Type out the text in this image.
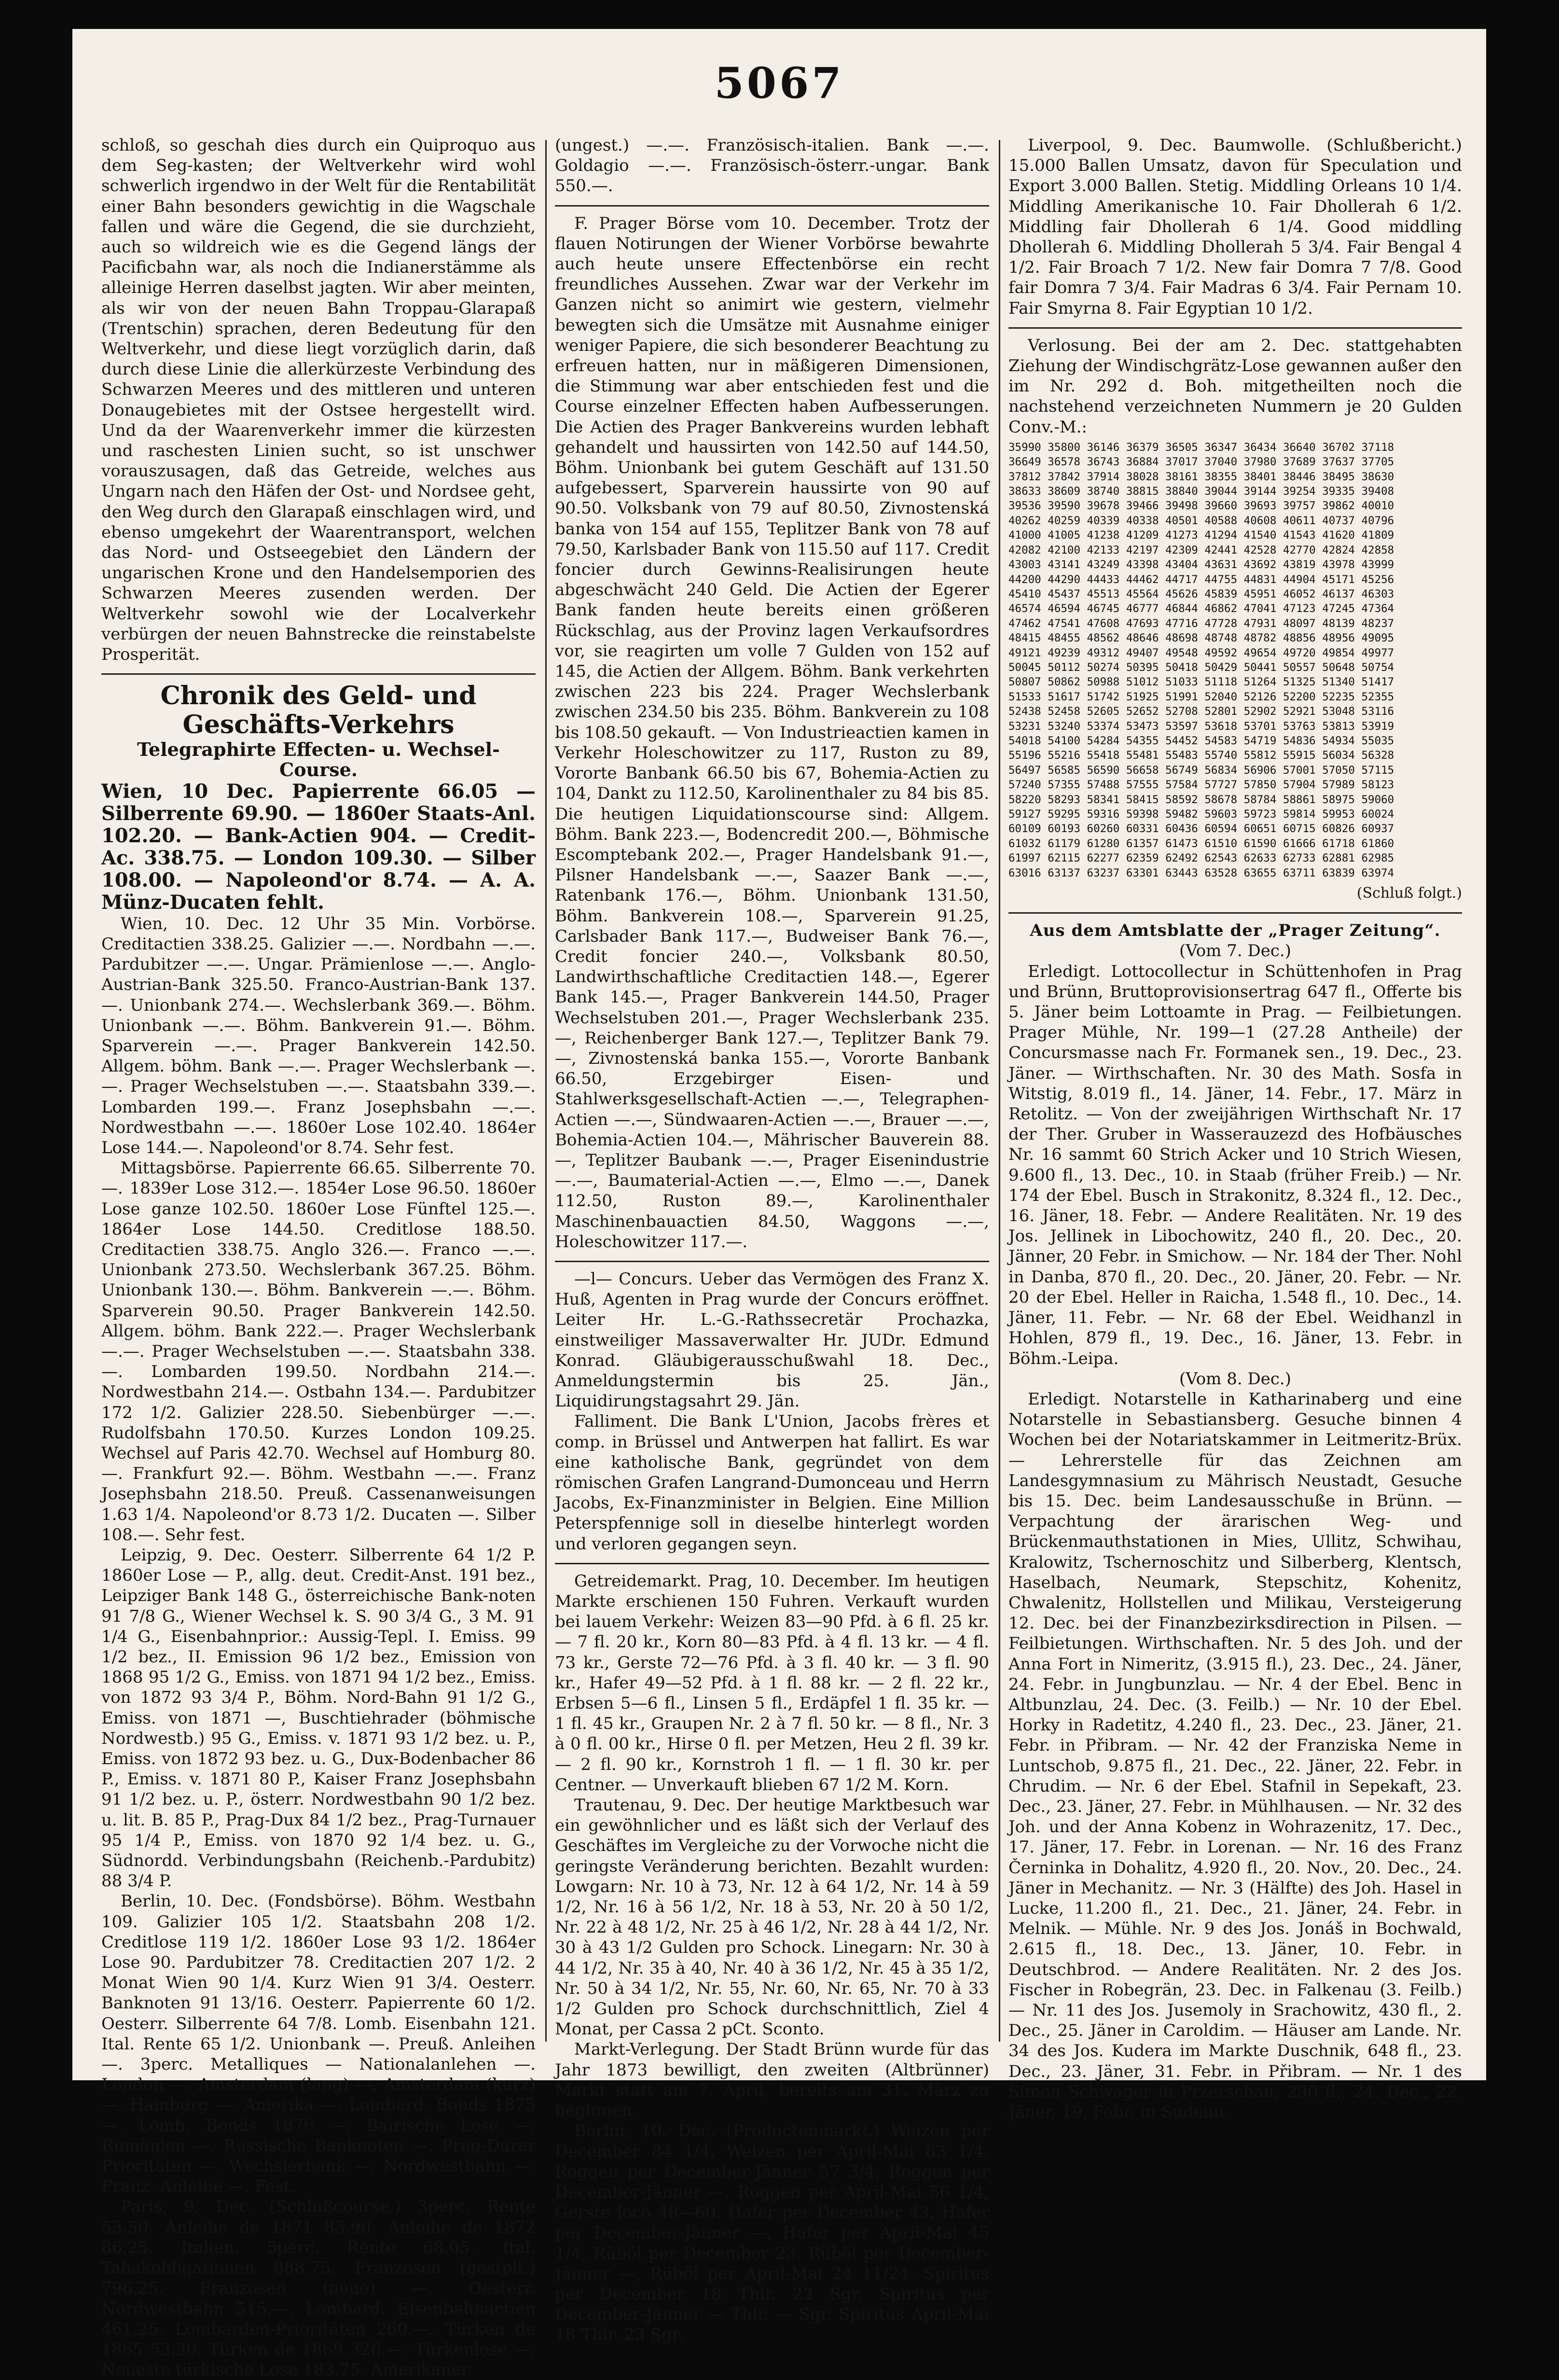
5067

schloß, so geschah dies durch ein Quiproquo aus dem Seg-kasten; der Weltverkehr wird wohl schwerlich irgendwo in der Welt für die Rentabilität einer Bahn besonders gewichtig in die Wagschale fallen und wäre die Gegend, die sie durchzieht, auch so wildreich wie es die Gegend längs der Pacificbahn war, als noch die Indianerstämme als alleinige Herren daselbst jagten. Wir aber meinten, als wir von der neuen Bahn Troppau-Glarapaß (Trentschin) sprachen, deren Bedeutung für den Weltverkehr, und diese liegt vorzüglich darin, daß durch diese Linie die allerkürzeste Verbindung des Schwarzen Meeres und des mittleren und unteren Donaugebietes mit der Ostsee hergestellt wird. Und da der Waarenverkehr immer die kürzesten und raschesten Linien sucht, so ist unschwer vorauszusagen, daß das Getreide, welches aus Ungarn nach den Häfen der Ost- und Nordsee geht, den Weg durch den Glarapaß einschlagen wird, und ebenso umgekehrt der Waarentransport, welchen das Nord- und Ostseegebiet den Ländern der ungarischen Krone und den Handelsemporien des Schwarzen Meeres zusenden werden. Der Weltverkehr sowohl wie der Localverkehr verbürgen der neuen Bahnstrecke die reinstabelste Prosperität.

Chronik des Geld- und Geschäfts-Verkehrs

Telegraphirte Effecten- u. Wechsel-Course.

Wien, 10 Dec. Papierrente 66.05 — Silberrente 69.90. — 1860er Staats-Anl. 102.20. — Bank-Actien 904. — Credit-Ac. 338.75. — London 109.30. — Silber 108.00. — Napoleond'or 8.74. — A. A. Münz-Ducaten fehlt.

Wien, 10. Dec. 12 Uhr 35 Min. Vorbörse. Creditactien 338.25. Galizier —.—. Nordbahn —.—. Pardubitzer —.—. Ungar. Prämienlose —.—. Anglo-Austrian-Bank 325.50. Franco-Austrian-Bank 137.—. Unionbank 274.—. Wechslerbank 369.—. Böhm. Unionbank —.—. Böhm. Bankverein 91.—. Böhm. Sparverein —.—. Prager Bankverein 142.50. Allgem. böhm. Bank —.—. Prager Wechslerbank —.—. Prager Wechselstuben —.—. Staatsbahn 339.—. Lombarden 199.—. Franz Josephsbahn —.—. Nordwestbahn —.—. 1860er Lose 102.40. 1864er Lose 144.—. Napoleond'or 8.74. Sehr fest.

Mittagsbörse. Papierrente 66.65. Silberrente 70.—. 1839er Lose 312.—. 1854er Lose 96.50. 1860er Lose ganze 102.50. 1860er Lose Fünftel 125.—. 1864er Lose 144.50. Creditlose 188.50. Creditactien 338.75. Anglo 326.—. Franco —.—. Unionbank 273.50. Wechslerbank 367.25. Böhm. Unionbank 130.—. Böhm. Bankverein —.—. Böhm. Sparverein 90.50. Prager Bankverein 142.50. Allgem. böhm. Bank 222.—. Prager Wechslerbank —.—. Prager Wechselstuben —.—. Staatsbahn 338.—. Lombarden 199.50. Nordbahn 214.—. Nordwestbahn 214.—. Ostbahn 134.—. Pardubitzer 172 1/2. Galizier 228.50. Siebenbürger —.—. Rudolfsbahn 170.50. Kurzes London 109.25. Wechsel auf Paris 42.70. Wechsel auf Homburg 80.—. Frankfurt 92.—. Böhm. Westbahn —.—. Franz Josephsbahn 218.50. Preuß. Cassenanweisungen 1.63 1/4. Napoleond'or 8.73 1/2. Ducaten —. Silber 108.—. Sehr fest.

Leipzig, 9. Dec. Oesterr. Silberrente 64 1/2 P. 1860er Lose — P., allg. deut. Credit-Anst. 191 bez., Leipziger Bank 148 G., österreichische Bank-noten 91 7/8 G., Wiener Wechsel k. S. 90 3/4 G., 3 M. 91 1/4 G., Eisenbahnprior.: Aussig-Tepl. I. Emiss. 99 1/2 bez., II. Emission 96 1/2 bez., Emission von 1868 95 1/2 G., Emiss. von 1871 94 1/2 bez., Emiss. von 1872 93 3/4 P., Böhm. Nord-Bahn 91 1/2 G., Emiss. von 1871 —, Buschtiehrader (böhmische Nordwestb.) 95 G., Emiss. v. 1871 93 1/2 bez. u. P., Emiss. von 1872 93 bez. u. G., Dux-Bodenbacher 86 P., Emiss. v. 1871 80 P., Kaiser Franz Josephsbahn 91 1/2 bez. u. P., österr. Nordwestbahn 90 1/2 bez. u. lit. B. 85 P., Prag-Dux 84 1/2 bez., Prag-Turnauer 95 1/4 P., Emiss. von 1870 92 1/4 bez. u. G., Südnordd. Verbindungsbahn (Reichenb.-Pardubitz) 88 3/4 P.

Berlin, 10. Dec. (Fondsbörse). Böhm. Westbahn 109. Galizier 105 1/2. Staatsbahn 208 1/2. Creditlose 119 1/2. 1860er Lose 93 1/2. 1864er Lose 90. Pardubitzer 78. Creditactien 207 1/2. 2 Monat Wien 90 1/4. Kurz Wien 91 3/4. Oesterr. Banknoten 91 13/16. Oesterr. Papierrente 60 1/2. Oesterr. Silberrente 64 7/8. Lomb. Eisenbahn 121. Ital. Rente 65 1/2. Unionbank —. Preuß. Anleihen —. 3perc. Metalliques — Nationalanlehen —. London —. Amsterdam (lang) —. Amsterdam (kurz) —. Hamburg —. Amerika —. Lombard. Bonds 1875 —. Lomb. Bonds 1876 —. Bairische Lose —. Rumänien —. Russische Banknoten —. Prag-Durer Prioritäten —. Wechslerbank —. Nordwestbahn —. Franz. Anleihe —. Fest.

Paris, 9. Dec. (Schlußcourse.) 3perc. Rente 53.50. Anleihe de 1871 83.90. Anleihe de 1872 86.25. Italien. 5perc. Rente 68.05. Ital. Tabakobligationen 888.75. Franzosen (gestplt.) 796.25. Franzosen (neue) —. Oesterr. Nordwestbahn 515.—. Lombard. Eisenbahnactien 461.25. Lombarden-Prioritäten 260.—. Türken de 1865 53.30. Türken de 1869 326.—. Türkenlose —. Neueste türkische Lose 183.75. Amerikaner

(ungest.) —.—. Französisch-italien. Bank —.—. Goldagio —.—. Französisch-österr.-ungar. Bank 550.—.

F. Prager Börse vom 10. December. Trotz der flauen Notirungen der Wiener Vorbörse bewahrte auch heute unsere Effectenbörse ein recht freundliches Aussehen. Zwar war der Verkehr im Ganzen nicht so animirt wie gestern, vielmehr bewegten sich die Umsätze mit Ausnahme einiger weniger Papiere, die sich besonderer Beachtung zu erfreuen hatten, nur in mäßigeren Dimensionen, die Stimmung war aber entschieden fest und die Course einzelner Effecten haben Aufbesserungen. Die Actien des Prager Bankvereins wurden lebhaft gehandelt und haussirten von 142.50 auf 144.50, Böhm. Unionbank bei gutem Geschäft auf 131.50 aufgebessert, Sparverein haussirte von 90 auf 90.50. Volksbank von 79 auf 80.50, Zivnostenská banka von 154 auf 155, Teplitzer Bank von 78 auf 79.50, Karlsbader Bank von 115.50 auf 117. Credit foncier durch Gewinns-Realisirungen heute abgeschwächt 240 Geld. Die Actien der Egerer Bank fanden heute bereits einen größeren Rückschlag, aus der Provinz lagen Verkaufsordres vor, sie reagirten um volle 7 Gulden von 152 auf 145, die Actien der Allgem. Böhm. Bank verkehrten zwischen 223 bis 224. Prager Wechslerbank zwischen 234.50 bis 235. Böhm. Bankverein zu 108 bis 108.50 gekauft. — Von Industrieactien kamen in Verkehr Holeschowitzer zu 117, Ruston zu 89, Vororte Banbank 66.50 bis 67, Bohemia-Actien zu 104, Dankt zu 112.50, Karolinenthaler zu 84 bis 85. Die heutigen Liquidationscourse sind: Allgem. Böhm. Bank 223.—, Bodencredit 200.—, Böhmische Escomptebank 202.—, Prager Handelsbank 91.—, Pilsner Handelsbank —.—, Saazer Bank —.—, Ratenbank 176.—, Böhm. Unionbank 131.50, Böhm. Bankverein 108.—, Sparverein 91.25, Carlsbader Bank 117.—, Budweiser Bank 76.—, Credit foncier 240.—, Volksbank 80.50, Landwirthschaftliche Creditactien 148.—, Egerer Bank 145.—, Prager Bankverein 144.50, Prager Wechselstuben 201.—, Prager Wechslerbank 235.—, Reichenberger Bank 127.—, Teplitzer Bank 79.—, Zivnostenská banka 155.—, Vororte Banbank 66.50, Erzgebirger Eisen- und Stahlwerksgesellschaft-Actien —.—, Telegraphen-Actien —.—, Sündwaaren-Actien —.—, Brauer —.—, Bohemia-Actien 104.—, Mährischer Bauverein 88.—, Teplitzer Baubank —.—, Prager Eisenindustrie —.—, Baumaterial-Actien —.—, Elmo —.—, Danek 112.50, Ruston 89.—, Karolinenthaler Maschinenbauactien 84.50, Waggons —.—, Holeschowitzer 117.—.

—l— Concurs. Ueber das Vermögen des Franz X. Huß, Agenten in Prag wurde der Concurs eröffnet. Leiter Hr. L.-G.-Rathssecretär Prochazka, einstweiliger Massaverwalter Hr. JUDr. Edmund Konrad. Gläubigerausschußwahl 18. Dec., Anmeldungstermin bis 25. Jän., Liquidirungstagsahrt 29. Jän.

Falliment. Die Bank L'Union, Jacobs frères et comp. in Brüssel und Antwerpen hat fallirt. Es war eine katholische Bank, gegründet von dem römischen Grafen Langrand-Dumonceau und Herrn Jacobs, Ex-Finanzminister in Belgien. Eine Million Peterspfennige soll in dieselbe hinterlegt worden und verloren gegangen seyn.

Getreidemarkt. Prag, 10. December. Im heutigen Markte erschienen 150 Fuhren. Verkauft wurden bei lauem Verkehr: Weizen 83—90 Pfd. à 6 fl. 25 kr. — 7 fl. 20 kr., Korn 80—83 Pfd. à 4 fl. 13 kr. — 4 fl. 73 kr., Gerste 72—76 Pfd. à 3 fl. 40 kr. — 3 fl. 90 kr., Hafer 49—52 Pfd. à 1 fl. 88 kr. — 2 fl. 22 kr., Erbsen 5—6 fl., Linsen 5 fl., Erdäpfel 1 fl. 35 kr. — 1 fl. 45 kr., Graupen Nr. 2 à 7 fl. 50 kr. — 8 fl., Nr. 3 à 0 fl. 00 kr., Hirse 0 fl. per Metzen, Heu 2 fl. 39 kr. — 2 fl. 90 kr., Kornstroh 1 fl. — 1 fl. 30 kr. per Centner. — Unverkauft blieben 67 1/2 M. Korn.

Trautenau, 9. Dec. Der heutige Marktbesuch war ein gewöhnlicher und es läßt sich der Verlauf des Geschäftes im Vergleiche zu der Vorwoche nicht die geringste Veränderung berichten. Bezahlt wurden: Lowgarn: Nr. 10 à 73, Nr. 12 à 64 1/2, Nr. 14 à 59 1/2, Nr. 16 à 56 1/2, Nr. 18 à 53, Nr. 20 à 50 1/2, Nr. 22 à 48 1/2, Nr. 25 à 46 1/2, Nr. 28 à 44 1/2, Nr. 30 à 43 1/2 Gulden pro Schock. Linegarn: Nr. 30 à 44 1/2, Nr. 35 à 40, Nr. 40 à 36 1/2, Nr. 45 à 35 1/2, Nr. 50 à 34 1/2, Nr. 55, Nr. 60, Nr. 65, Nr. 70 à 33 1/2 Gulden pro Schock durchschnittlich, Ziel 4 Monat, per Cassa 2 pCt. Sconto.

Markt-Verlegung. Der Stadt Brünn wurde für das Jahr 1873 bewilligt, den zweiten (Altbrünner) Markt statt am 7. April, bereits am 31. März zu beginnen.

Berlin, 10. Dec. (Productenmarkt.) Weizen per December 84 1/4, Weizen per April-Mai 83 1/4, Roggen per December-Jänner 57 3/4, Roggen per December-Jänner —, Roggen per April-Mai 56 1/4, Gerste loco 48—60. Hafer per December 43, Hafer per December-Jänner —, Hafer per April-Mai 45 1/4, Rüböl per December 23. Rüböl per December-Jänner —, Rüböl per April-Mai 24 11/24. Spiritus per December 18 Thlr. 22 Sgr. Spiritus per December-Jänner — Thlr. — Sgr. Spiritus April-Mai 18 Thlr. 23 Sgr.

Liverpool, 9. Dec. Baumwolle. (Schlußbericht.) 15.000 Ballen Umsatz, davon für Speculation und Export 3.000 Ballen. Stetig. Middling Orleans 10 1/4. Middling Amerikanische 10. Fair Dhollerah 6 1/2. Middling fair Dhollerah 6 1/4. Good middling Dhollerah 6. Middling Dhollerah 5 3/4. Fair Bengal 4 1/2. Fair Broach 7 1/2. New fair Domra 7 7/8. Good fair Domra 7 3/4. Fair Madras 6 3/4. Fair Pernam 10. Fair Smyrna 8. Fair Egyptian 10 1/2.

Verlosung. Bei der am 2. Dec. stattgehabten Ziehung der Windischgrätz-Lose gewannen außer den im Nr. 292 d. Boh. mitgetheilten noch die nachstehend verzeichneten Nummern je 20 Gulden Conv.-M.:

35990 35800 36146 36379 36505 36347 36434 36640 36702 37118
36649 36578 36743 36884 37017 37040 37980 37689 37637 37705
37812 37842 37914 38028 38161 38355 38401 38446 38495 38630
38633 38609 38740 38815 38840 39044 39144 39254 39335 39408
39536 39590 39678 39466 39498 39660 39693 39757 39862 40010
40262 40259 40339 40338 40501 40588 40608 40611 40737 40796
41000 41005 41238 41209 41273 41294 41540 41543 41620 41809
42082 42100 42133 42197 42309 42441 42528 42770 42824 42858
43003 43141 43249 43398 43404 43631 43692 43819 43978 43999
44200 44290 44433 44462 44717 44755 44831 44904 45171 45256
45410 45437 45513 45564 45626 45839 45951 46052 46137 46303
46574 46594 46745 46777 46844 46862 47041 47123 47245 47364
47462 47541 47608 47693 47716 47728 47931 48097 48139 48237
48415 48455 48562 48646 48698 48748 48782 48856 48956 49095
49121 49239 49312 49407 49548 49592 49654 49720 49854 49977
50045 50112 50274 50395 50418 50429 50441 50557 50648 50754
50807 50862 50988 51012 51033 51118 51264 51325 51340 51417
51533 51617 51742 51925 51991 52040 52126 52200 52235 52355
52438 52458 52605 52652 52708 52801 52902 52921 53048 53116
53231 53240 53374 53473 53597 53618 53701 53763 53813 53919
54018 54100 54284 54355 54452 54583 54719 54836 54934 55035
55196 55216 55418 55481 55483 55740 55812 55915 56034 56328
56497 56585 56590 56658 56749 56834 56906 57001 57050 57115
57240 57355 57488 57555 57584 57727 57850 57904 57989 58123
58220 58293 58341 58415 58592 58678 58784 58861 58975 59060
59127 59295 59316 59398 59482 59603 59723 59814 59953 60024
60109 60193 60260 60331 60436 60594 60651 60715 60826 60937
61032 61179 61280 61357 61473 61510 61590 61666 61718 61860
61997 62115 62277 62359 62492 62543 62633 62733 62881 62985
63016 63137 63237 63301 63443 63528 63655 63711 63839 63974

(Schluß folgt.)

Aus dem Amtsblatte der „Prager Zeitung“.

(Vom 7. Dec.)

Erledigt. Lottocollectur in Schüttenhofen in Prag und Brünn, Bruttoprovisionsertrag 647 fl., Offerte bis 5. Jäner beim Lottoamte in Prag. — Feilbietungen. Prager Mühle, Nr. 199—1 (27.28 Antheile) der Concursmasse nach Fr. Formanek sen., 19. Dec., 23. Jäner. — Wirthschaften. Nr. 30 des Math. Sosfa in Witstig, 8.019 fl., 14. Jäner, 14. Febr., 17. März in Retolitz. — Von der zweijährigen Wirthschaft Nr. 17 der Ther. Gruber in Wasserauzezd des Hofbäusches Nr. 16 sammt 60 Strich Acker und 10 Strich Wiesen, 9.600 fl., 13. Dec., 10. in Staab (früher Freib.) — Nr. 174 der Ebel. Busch in Strakonitz, 8.324 fl., 12. Dec., 16. Jäner, 18. Febr. — Andere Realitäten. Nr. 19 des Jos. Jellinek in Libochowitz, 240 fl., 20. Dec., 20. Jänner, 20 Febr. in Smichow. — Nr. 184 der Ther. Nohl in Danba, 870 fl., 20. Dec., 20. Jäner, 20. Febr. — Nr. 20 der Ebel. Heller in Raicha, 1.548 fl., 10. Dec., 14. Jäner, 11. Febr. — Nr. 68 der Ebel. Weidhanzl in Hohlen, 879 fl., 19. Dec., 16. Jäner, 13. Febr. in Böhm.-Leipa.

(Vom 8. Dec.)

Erledigt. Notarstelle in Katharinaberg und eine Notarstelle in Sebastiansberg. Gesuche binnen 4 Wochen bei der Notariatskammer in Leitmeritz-Brüx. — Lehrerstelle für das Zeichnen am Landesgymnasium zu Mährisch Neustadt, Gesuche bis 15. Dec. beim Landesausschuße in Brünn. — Verpachtung der ärarischen Weg- und Brückenmauthstationen in Mies, Ullitz, Schwihau, Kralowitz, Tschernoschitz und Silberberg, Klentsch, Haselbach, Neumark, Stepschitz, Kohenitz, Chwalenitz, Hollstellen und Milikau, Versteigerung 12. Dec. bei der Finanzbezirksdirection in Pilsen. — Feilbietungen. Wirthschaften. Nr. 5 des Joh. und der Anna Fort in Nimeritz, (3.915 fl.), 23. Dec., 24. Jäner, 24. Febr. in Jungbunzlau. — Nr. 4 der Ebel. Benc in Altbunzlau, 24. Dec. (3. Feilb.) — Nr. 10 der Ebel. Horky in Radetitz, 4.240 fl., 23. Dec., 23. Jäner, 21. Febr. in Přibram. — Nr. 42 der Franziska Neme in Luntschob, 9.875 fl., 21. Dec., 22. Jäner, 22. Febr. in Chrudim. — Nr. 6 der Ebel. Stafnil in Sepekaft, 23. Dec., 23. Jäner, 27. Febr. in Mühlhausen. — Nr. 32 des Joh. und der Anna Kobenz in Wohrazenitz, 17. Dec., 17. Jäner, 17. Febr. in Lorenan. — Nr. 16 des Franz Černinka in Dohalitz, 4.920 fl., 20. Nov., 20. Dec., 24. Jäner in Mechanitz. — Nr. 3 (Hälfte) des Joh. Hasel in Lucke, 11.200 fl., 21. Dec., 21. Jäner, 24. Febr. in Melnik. — Mühle. Nr. 9 des Jos. Jonáš in Bochwald, 2.615 fl., 18. Dec., 13. Jäner, 10. Febr. in Deutschbrod. — Andere Realitäten. Nr. 2 des Jos. Fischer in Robegrän, 23. Dec. in Falkenau (3. Feilb.) — Nr. 11 des Jos. Jusemoly in Srachowitz, 430 fl., 2. Dec., 25. Jäner in Caroldim. — Häuser am Lande. Nr. 34 des Jos. Kudera im Markte Duschnik, 648 fl., 23. Dec., 23. Jäner, 31. Febr. in Přibram. — Nr. 1 des Simon Schwager in Przerschau, 290 fl., 24. Dec., 22. Jäner, 19. Febr. in Sudenn.
